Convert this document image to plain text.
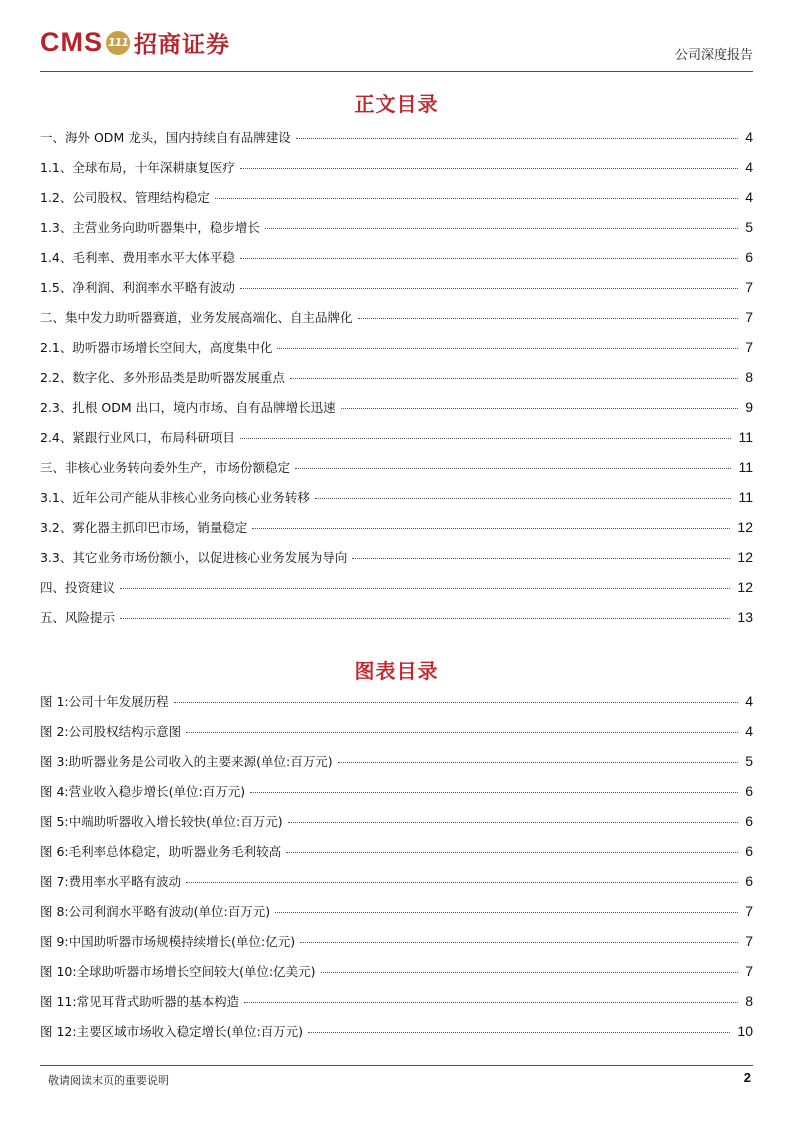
CMS 111 招商证券	公司深度报告
正文目录
一、海外 ODM 龙头，国内持续自有品牌建设	4
1.1、全球布局，十年深耕康复医疗	4
1.2、公司股权、管理结构稳定	4
1.3、主营业务向助听器集中，稳步增长	5
1.4、毛利率、费用率水平大体平稳	6
1.5、净利润、利润率水平略有波动	7
二、集中发力助听器赛道，业务发展高端化、自主品牌化	7
2.1、助听器市场增长空间大，高度集中化	7
2.2、数字化、多外形品类是助听器发展重点	8
2.3、扎根 ODM 出口，境内市场、自有品牌增长迅速	9
2.4、紧跟行业风口，布局科研项目	11
三、非核心业务转向委外生产，市场份额稳定	11
3.1、近年公司产能从非核心业务向核心业务转移	11
3.2、雾化器主抓印巴市场，销量稳定	12
3.3、其它业务市场份额小，以促进核心业务发展为导向	12
四、投资建议	12
五、风险提示	13
图表目录
图 1:公司十年发展历程	4
图 2:公司股权结构示意图	4
图 3:助听器业务是公司收入的主要来源(单位:百万元)	5
图 4:营业收入稳步增长(单位:百万元)	6
图 5:中端助听器收入增长较快(单位:百万元)	6
图 6:毛利率总体稳定，助听器业务毛利较高	6
图 7:费用率水平略有波动	6
图 8:公司利润水平略有波动(单位:百万元)	7
图 9:中国助听器市场规模持续增长(单位:亿元)	7
图 10:全球助听器市场增长空间较大(单位:亿美元)	7
图 11:常见耳背式助听器的基本构造	8
图 12:主要区域市场收入稳定增长(单位:百万元)	10
敬请阅读末页的重要说明	2
